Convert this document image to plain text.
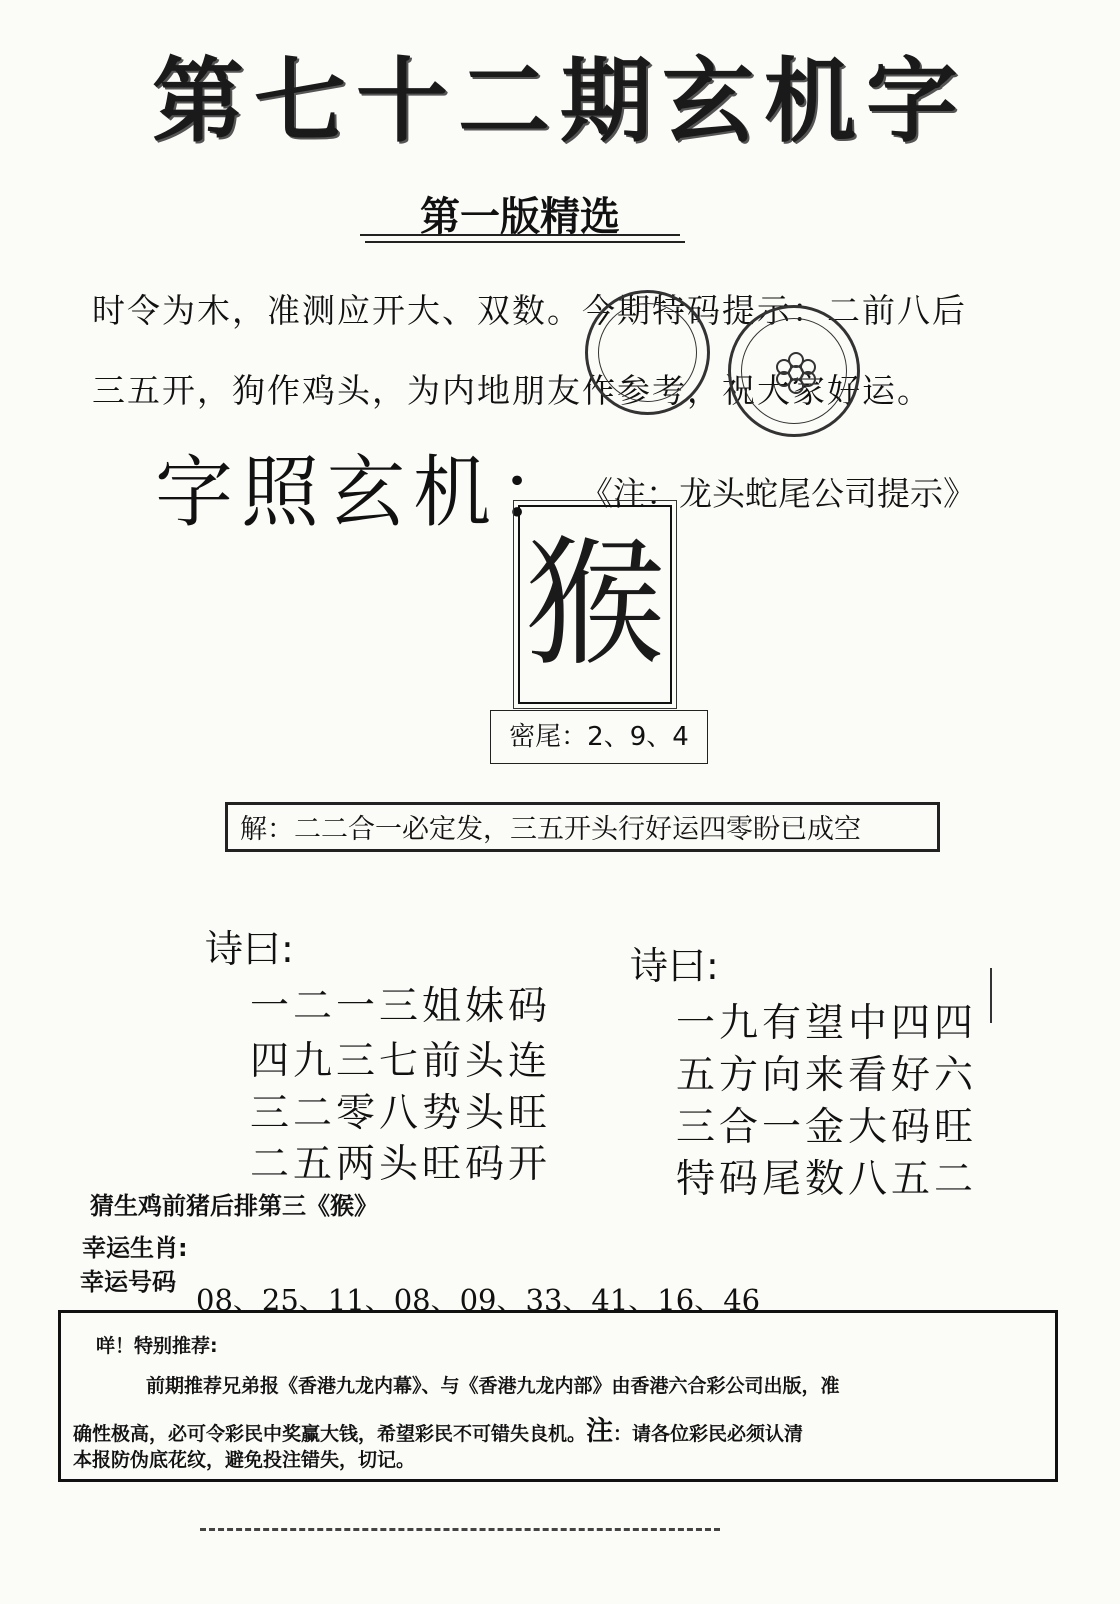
第七十二期玄机字
第一版精选
时令为木，准测应开大、双数。今期特码提示：二前八后
三五开，狗作鸡头，为内地朋友作参考，祝大家好运。
字照玄机：
《注：龙头蛇尾公司提示》
猴
密尾：2、9、4
解：二二合一必定发，三五开头行好运四零盼已成空
诗曰:
一二一三姐妹码
四九三七前头连
三二零八势头旺
二五两头旺码开
诗曰:
一九有望中四四
五方向来看好六
三合一金大码旺
特码尾数八五二
猜生鸡前猪后排第三《猴》
幸运生肖:
幸运号码
08、25、11、08、09、33、41、16、46
咩！特别推荐:
前期推荐兄弟报《香港九龙内幕》、与《香港九龙内部》由香港六合彩公司出版，准
确性极高，必可令彩民中奖赢大钱，希望彩民不可错失良机。注：请各位彩民必须认清
本报防伪底花纹，避免投注错失，切记。
